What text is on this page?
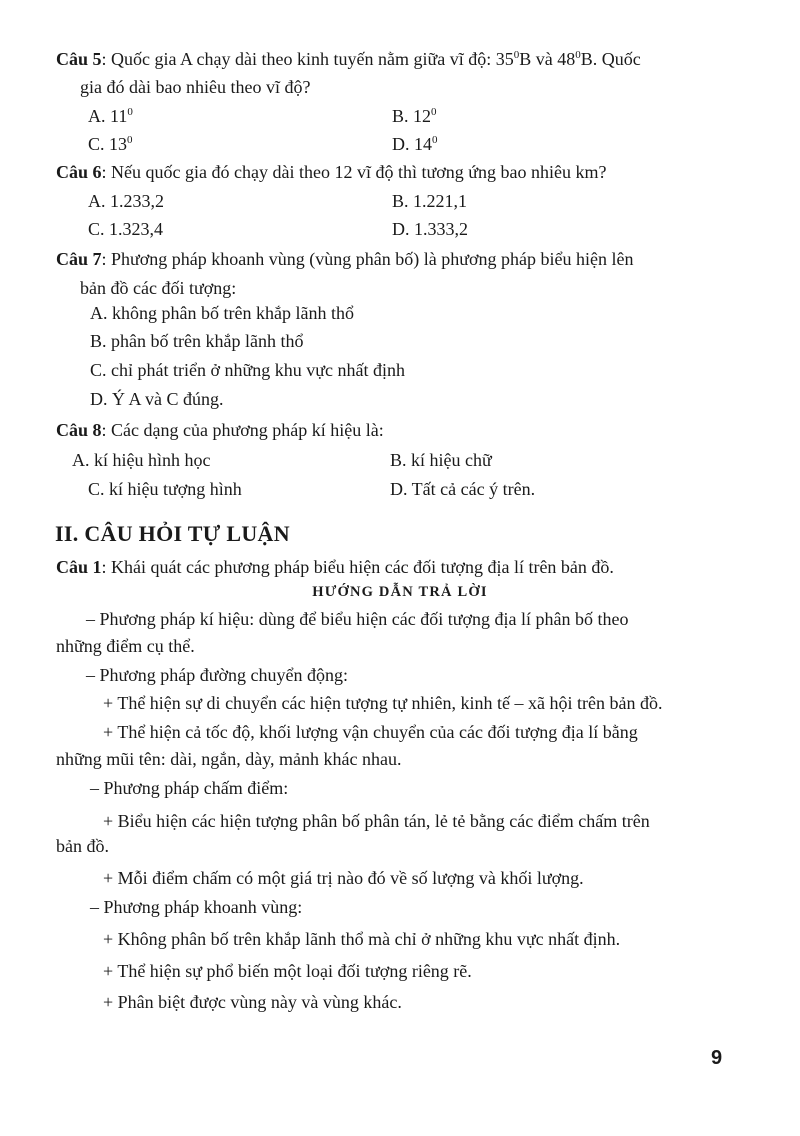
Câu 5: Quốc gia A chạy dài theo kinh tuyến nằm giữa vĩ độ: $35^0B$ và $48^0B$. Quốc
gia đó dài bao nhiêu theo vĩ độ?
A. $11^0$	B. $12^0$
C. $13^0$	D. $14^0$
Câu 6: Nếu quốc gia đó chạy dài theo 12 vĩ độ thì tương ứng bao nhiêu km?
A. 1.233,2	B. 1.221,1
C. 1.323,4	D. 1.333,2
Câu 7: Phương pháp khoanh vùng (vùng phân bố) là phương pháp biểu hiện lên
bản đồ các đối tượng:
A. không phân bố trên khắp lãnh thổ
B. phân bố trên khắp lãnh thổ
C. chỉ phát triển ở những khu vực nhất định
D. Ý A và C đúng.
Câu 8: Các dạng của phương pháp kí hiệu là:
A. kí hiệu hình học	B. kí hiệu chữ
C. kí hiệu tượng hình	D. Tất cả các ý trên.
II. CÂU HỎI TỰ LUẬN
Câu 1: Khái quát các phương pháp biểu hiện các đối tượng địa lí trên bản đồ.
HƯỚNG DẪN TRẢ LỜI
– Phương pháp kí hiệu: dùng để biểu hiện các đối tượng địa lí phân bố theo
những điểm cụ thể.
– Phương pháp đường chuyển động:
+ Thể hiện sự di chuyển các hiện tượng tự nhiên, kinh tế – xã hội trên bản đồ.
+ Thể hiện cả tốc độ, khối lượng vận chuyển của các đối tượng địa lí bằng
những mũi tên: dài, ngắn, dày, mảnh khác nhau.
– Phương pháp chấm điểm:
+ Biểu hiện các hiện tượng phân bố phân tán, lẻ tẻ bằng các điểm chấm trên
bản đồ.
+ Mỗi điểm chấm có một giá trị nào đó về số lượng và khối lượng.
– Phương pháp khoanh vùng:
+ Không phân bố trên khắp lãnh thổ mà chỉ ở những khu vực nhất định.
+ Thể hiện sự phổ biến một loại đối tượng riêng rẽ.
+ Phân biệt được vùng này và vùng khác.
9
